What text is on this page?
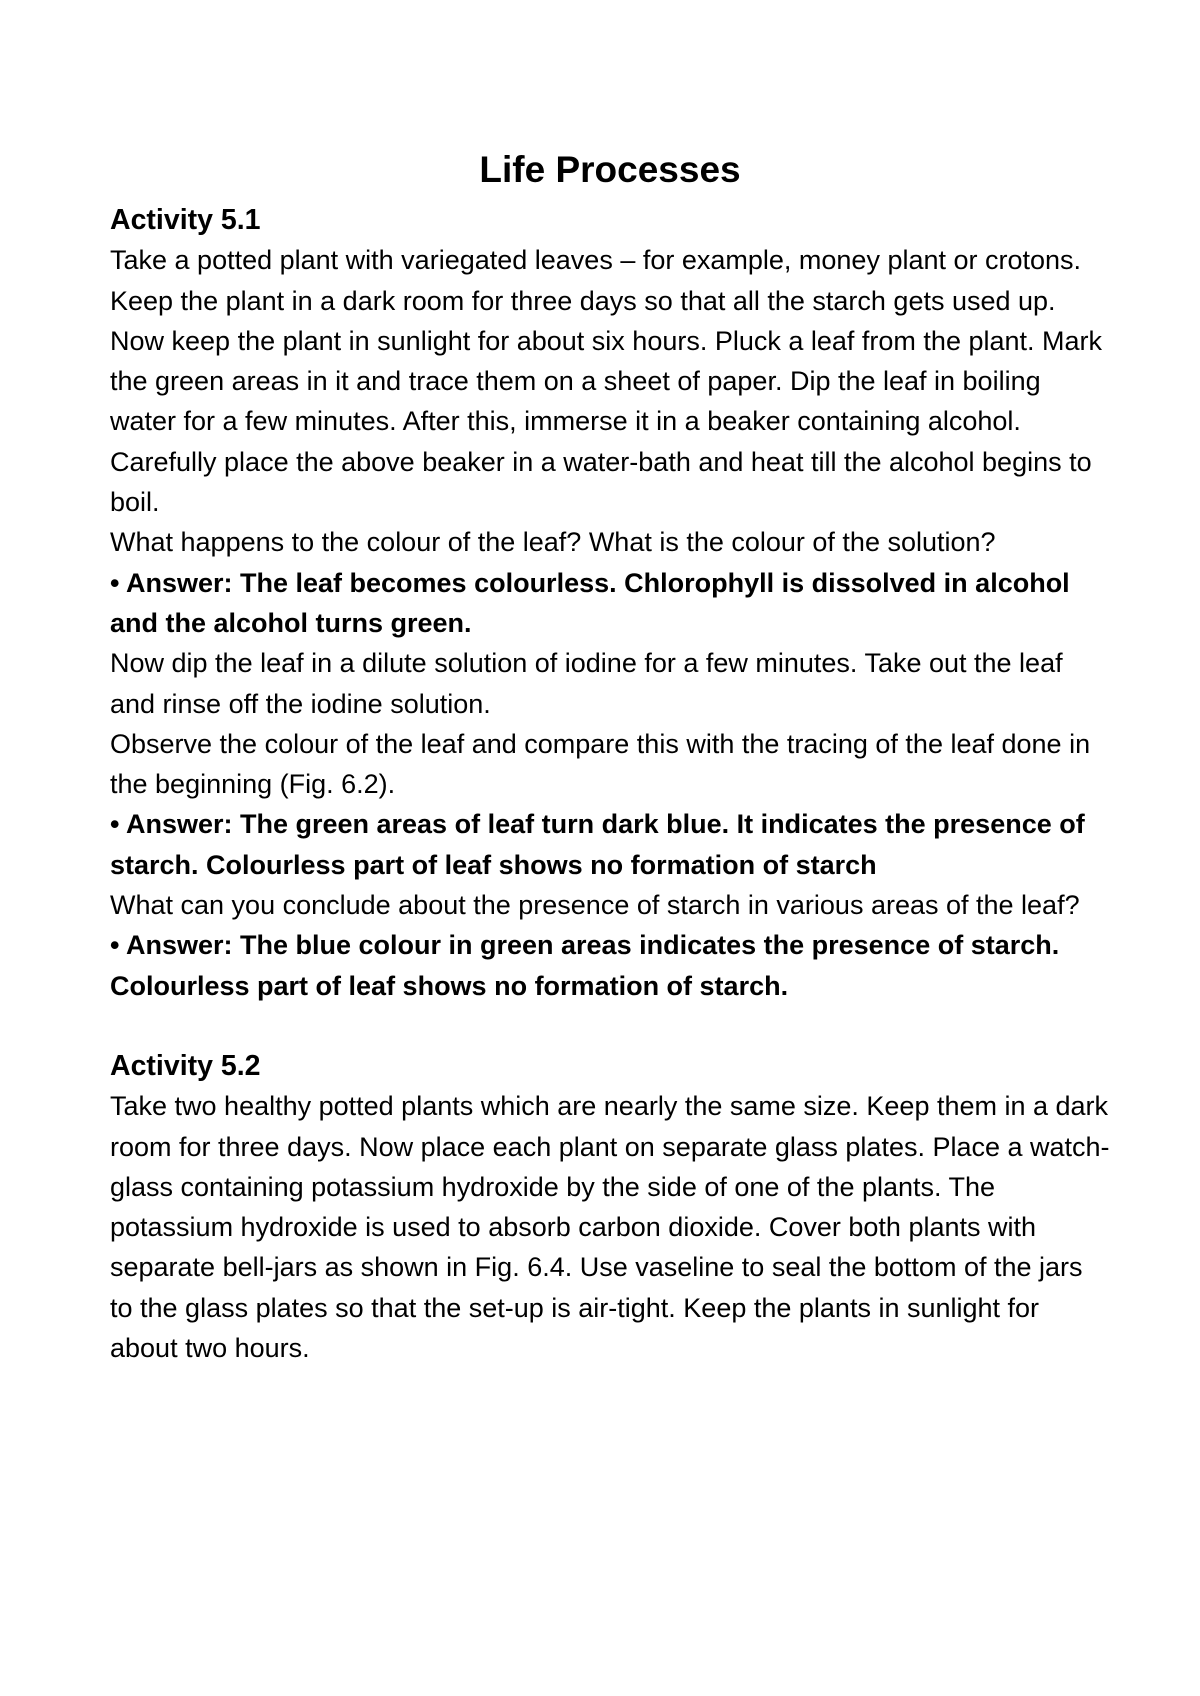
Life Processes
Activity 5.1

Take a potted plant with variegated leaves – for example, money plant or crotons. Keep the plant in a dark room for three days so that all the starch gets used up. Now keep the plant in sunlight for about six hours. Pluck a leaf from the plant. Mark the green areas in it and trace them on a sheet of paper. Dip the leaf in boiling water for a few minutes. After this, immerse it in a beaker containing alcohol. Carefully place the above beaker in a water-bath and heat till the alcohol begins to boil.

What happens to the colour of the leaf? What is the colour of the solution?

• Answer: The leaf becomes colourless. Chlorophyll is dissolved in alcohol and the alcohol turns green.

Now dip the leaf in a dilute solution of iodine for a few minutes. Take out the leaf and rinse off the iodine solution.

Observe the colour of the leaf and compare this with the tracing of the leaf done in the beginning (Fig. 6.2).

• Answer: The green areas of leaf turn dark blue. It indicates the presence of starch. Colourless part of leaf shows no formation of starch

What can you conclude about the presence of starch in various areas of the leaf?

• Answer: The blue colour in green areas indicates the presence of starch. Colourless part of leaf shows no formation of starch.

Activity 5.2

Take two healthy potted plants which are nearly the same size. Keep them in a dark room for three days. Now place each plant on separate glass plates. Place a watch-glass containing potassium hydroxide by the side of one of the plants. The potassium hydroxide is used to absorb carbon dioxide. Cover both plants with separate bell-jars as shown in Fig. 6.4. Use vaseline to seal the bottom of the jars to the glass plates so that the set-up is air-tight. Keep the plants in sunlight for about two hours.
